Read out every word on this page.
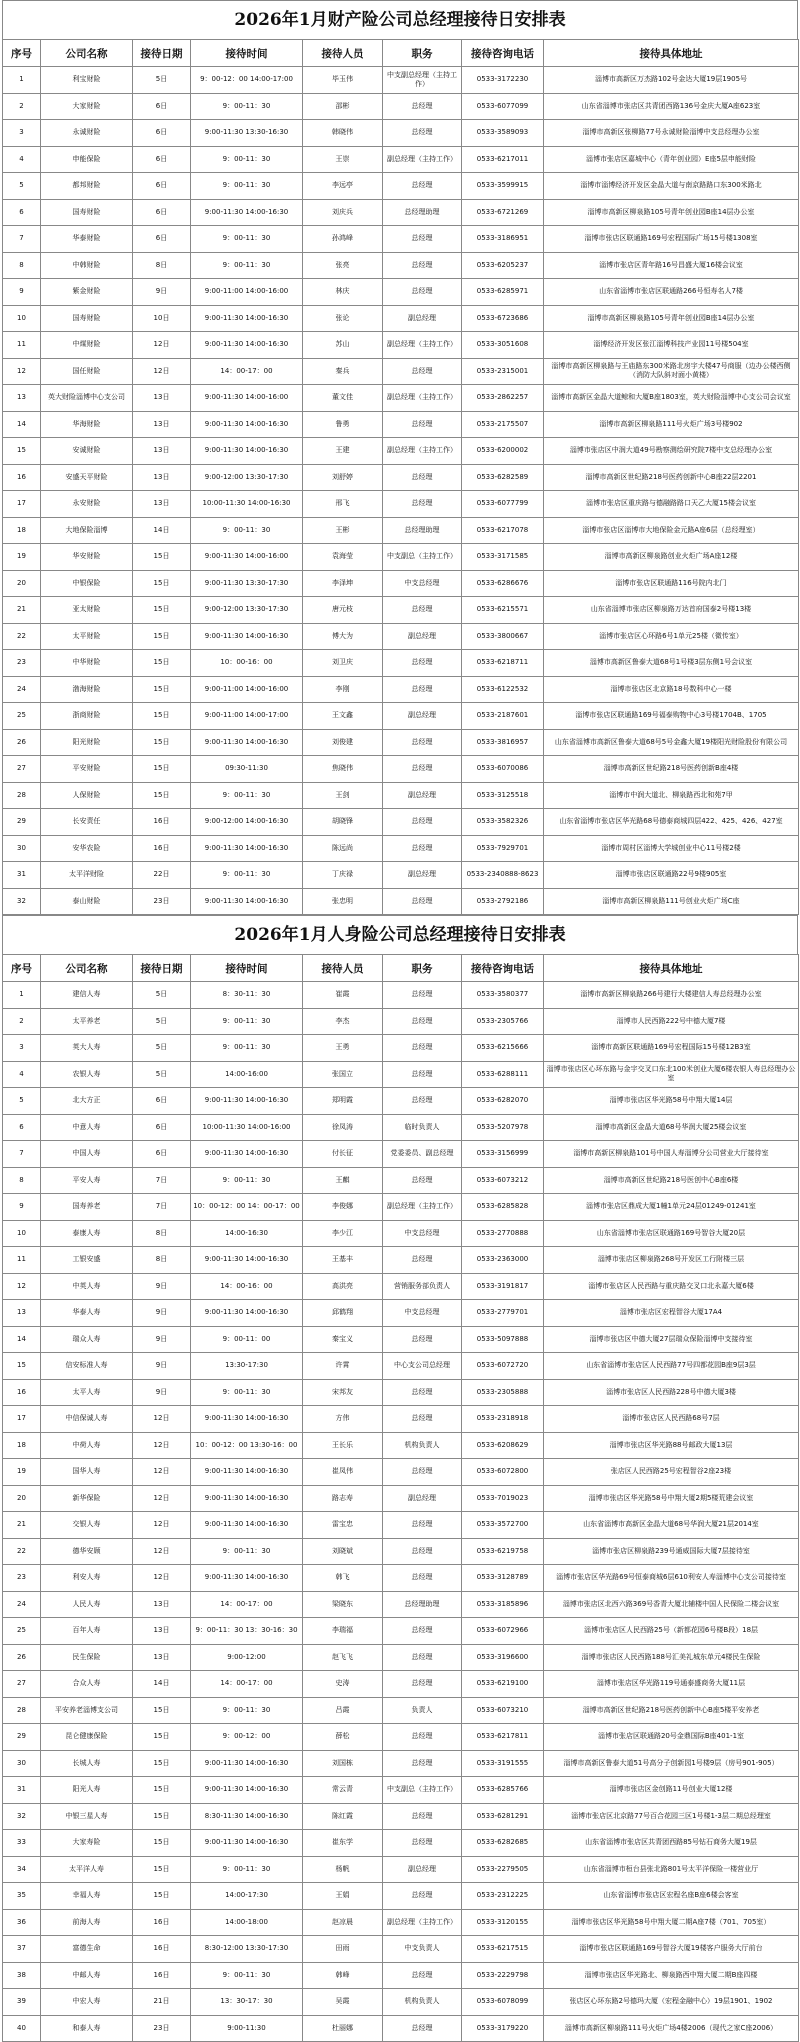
2026年1月财产险公司总经理接待日安排表
序号	公司名称	接待日期	接待时间	接待人员	职务	接待咨询电话	接待具体地址
1	利宝财险	5日	9：00-12：00 14:00-17:00	毕玉伟	中支副总经理（主持工作）	0533-3172230	淄博市高新区万杰路102号金达大厦19层1905号
2	大家财险	6日	9：00-11：30	邵彬	总经理	0533-6077099	山东省淄博市张店区共青团西路136号金庆大厦A座623室
3	永诚财险	6日	9:00-11:30 13:30-16:30	韩晓伟	总经理	0533-3589093	淄博市高新区张柳路77号永诚财险淄博中支总经理办公室
4	申能保险	6日	9：00-11：30	王崇	副总经理（主持工作）	0533-6217011	淄博市张店区嘉城中心（青年创业园）E座5层申能财险
5	都邦财险	6日	9：00-11：30	李远亭	总经理	0533-3599915	淄博市淄博经济开发区金晶大道与南京路路口东300米路北
6	国寿财险	6日	9:00-11:30 14:00-16:30	刘庆兵	总经理助理	0533-6721269	淄博市高新区柳泉路105号青年创业园B座14层办公室
7	华泰财险	6日	9：00-11：30	孙鸿峰	总经理	0533-3186951	淄博市张店区联通路169号宏程国际广场15号楼1308室
8	中韩财险	8日	9：00-11：30	张亮	总经理	0533-6205237	淄博市张店区青年路16号昌盛大厦16楼会议室
9	紫金财险	9日	9:00-11:00 14:00-16:00	林庆	总经理	0533-6285971	山东省淄博市张店区联通路266号恒寿名人7楼
10	国寿财险	10日	9:00-11:30 14:00-16:30	张论	副总经理	0533-6723686	淄博市高新区柳泉路105号青年创业园B座14层办公室
11	中煤财险	12日	9:00-11:30 14:00-16:30	苏山	副总经理（主持工作）	0533-3051608	淄博经济开发区张江淄博科技产业园11号楼504室
12	国任财险	12日	14：00-17：00	秦兵	总经理	0533-2315001	淄博市高新区柳泉路与王庙路东300米路北房宇大楼47号商服（边办公楼西侧（消防大队斜对面小黄楼）
13	英大财险淄博中心支公司	13日	9:00-11:30 14:00-16:00	董文佳	副总经理（主持工作）	0533-2862257	淄博市高新区金晶大道鲸和大厦B座1803室，英大财险淄博中心支公司会议室
14	华海财险	13日	9:00-11:30 14:00-16:30	鲁勇	总经理	0533-2175507	淄博市高新区柳泉路111号火炬广场3号楼902
15	安诚财险	13日	9:00-11:30 14:00-16:30	王建	副总经理（主持工作）	0533-6200002	淄博市张店区中润大道49号勘察测绘研究院7楼中支总经理办公室
16	安盛天平财险	13日	9:00-12:00 13:30-17:30	刘舒婷	总经理	0533-6282589	淄博市高新区世纪路218号医药创新中心B座22层2201
17	永安财险	13日	10:00-11:30 14:00-16:30	邢飞	总经理	0533-6077799	淄博市张店区重庆路与德融路路口天乙大厦15楼会议室
18	大地保险淄博	14日	9：00-11：30	王彬	总经理助理	0533-6217078	淄博市张店区淄博市大地保险金元路A座6层（总经理室）
19	华安财险	15日	9:00-11:30 14:00-16:00	袁海莹	中支副总（主持工作）	0533-3171585	淄博市高新区柳泉路创业火炬广场A座12楼
20	中银保险	15日	9:00-11:30 13:30-17:30	李泽坤	中支总经理	0533-6286676	淄博市张店区联通路116号院内北门
21	亚太财险	15日	9:00-12:00 13:30-17:30	唐元枝	总经理	0533-6215571	山东省淄博市张店区柳泉路万达首府国泰2号楼13楼
22	太平财险	15日	9:00-11:30 14:00-16:30	傅大为	副总经理	0533-3800667	淄博市张店区心环路6号1单元25楼（微传室）
23	中华财险	15日	10：00-16：00	刘卫庆	总经理	0533-6218711	淄博市高新区鲁泰大道68号1号楼3层东侧1号会议室
24	渤海财险	15日	9:00-11:00 14:00-16:00	李刚	总经理	0533-6122532	淄博市张店区北京路18号数科中心一楼
25	浙商财险	15日	9:00-11:00 14:00-17:00	王文鑫	副总经理	0533-2187601	淄博市张店区联通路169号福泰购物中心3号楼1704B、1705
26	阳光财险	15日	9:00-11:30 14:00-16:30	刘俊建	总经理	0533-3816957	山东省淄博市高新区鲁泰大道68号5号金鑫大厦19楼阳光财险股份有限公司
27	平安财险	15日	09:30-11:30	焦晓伟	总经理	0533-6070086	淄博市高新区世纪路218号医药创新B座4楼
28	人保财险	15日	9：00-11：30	王剑	副总经理	0533-3125518	淄博市中润大道北、柳泉路西北和苑7甲
29	长安责任	16日	9:00-12:00 14:00-16:30	胡晓锋	总经理	0533-3582326	山东省淄博市张店区华光路68号德泰商城四层422、425、426、427室
30	安华农险	16日	9:00-11:30 14:00-16:30	陈远尚	总经理	0533-7929701	淄博市周村区淄博大学城创业中心11号楼2楼
31	太平洋财险	22日	9：00-11：30	丁庆禄	副总经理	0533-2340888-8623	淄博市张店区联通路22号9楼905室
32	泰山财险	23日	9:00-11:30 14:00-16:30	张忠明	总经理	0533-2792186	淄博市高新区柳泉路111号创业火炬广场C座
2026年1月人身险公司总经理接待日安排表
序号	公司名称	接待日期	接待时间	接待人员	职务	接待咨询电话	接待具体地址
1	建信人寿	5日	8：30-11：30	崔霞	总经理	0533-3580377	淄博市高新区柳泉路266号建行大楼建信人寿总经理办公室
2	太平养老	5日	9：00-11：30	李杰	总经理	0533-2305766	淄博市人民西路222号中德大厦7楼
3	英大人寿	5日	9：00-11：30	王勇	总经理	0533-6215666	淄博市高新区联通路169号宏程国际15号楼12B3室
4	农银人寿	5日	14:00-16:00	张国立	总经理	0533-6288111	淄博市张店区心环东路与金宇交叉口东北100米创业大厦6楼农银人寿总经理办公室
5	北大方正	6日	9:00-11:30 14:00-16:30	郑明霞	总经理	0533-6282070	淄博市张店区华光路58号中翔大厦14层
6	中意人寿	6日	10:00-11:30 14:00-16:00	徐凤涛	临时负责人	0533-5207978	淄博市高新区金晶大道68号华润大厦25楼会议室
7	中国人寿	6日	9:00-11:30 14:00-16:30	付长征	党委委员、副总经理	0533-3156999	淄博市高新区柳泉路101号中国人寿淄博分公司营业大厅接待室
8	平安人寿	7日	9：00-11：30	王麒	总经理	0533-6073212	淄博市高新区世纪路218号医创中心B座6楼
9	国寿养老	7日	10：00-12：00 14：00-17：00	李俊娜	副总经理（主持工作）	0533-6285828	淄博市张店区鼎成大厦1幢1单元24层01249-01241室
10	泰康人寿	8日	14:00-16:30	李少江	中支总经理	0533-2770888	山东省淄博市张店区联通路169号智谷大厦20层
11	工银安盛	8日	9:00-11:30 14:00-16:30	王基丰	总经理	0533-2363000	淄博市张店区柳泉路268号开发区工行附楼三层
12	中英人寿	9日	14：00-16：00	高洪亮	营销服务部负责人	0533-3191817	淄博市张店区人民西路与重庆路交叉口北永嘉大厦6楼
13	华泰人寿	9日	9:00-11:30 14:00-16:30	邱鹤翔	中支总经理	0533-2779701	淄博市张店区宏程智谷大厦17A4
14	瑞众人寿	9日	9：00-11：00	秦宝义	总经理	0533-5097888	淄博市张店区中德大厦27层瑞众保险淄博中支接待室
15	信安标准人寿	9日	13:30-17:30	许霄	中心支公司总经理	0533-6072720	山东省淄博市张店区人民西路77号四都花园B座9层3层
16	太平人寿	9日	9：00-11：30	宋邦友	总经理	0533-2305888	淄博市张店区人民西路228号中德大厦3楼
17	中信保诚人寿	12日	9:00-11:30 14:00-16:30	方伟	总经理	0533-2318918	淄博市张店区人民西路68号7层
18	中荷人寿	12日	10：00-12：00 13:30-16：00	王长乐	机构负责人	0533-6208629	淄博市张店区华光路88号邮政大厦13层
19	国华人寿	12日	9:00-11:30 14:00-16:30	崔凤伟	总经理	0533-6072800	张店区人民西路25号宏程智谷2座23楼
20	新华保险	12日	9:00-11:30 14:00-16:30	路志寿	副总经理	0533-7019023	淄博市张店区华光路58号中翔大厦2期5楼荒建会议室
21	交银人寿	12日	9:00-11:30 14:00-16:30	雷宝忠	总经理	0533-3572700	山东省淄博市高新区金晶大道68号华润大厦21层2014室
22	德华安顾	12日	9：00-11：30	刘晓斌	总经理	0533-6219758	淄博市张店区柳泉路239号通威国际大厦7层接待室
23	利安人寿	12日	9:00-11:30 14:00-16:30	韩飞	总经理	0533-3128789	淄博市张店区华光路69号恒泰商城6层610利安人寿淄博中心支公司接待室
24	人民人寿	13日	14：00-17：00	梁晓东	总经理助理	0533-3185896	淄博市张店区北西六路369号香青大厦北辅楼中国人民保险二楼会议室
25	百年人寿	13日	9：00-11：30 13：30-16：30	李瑞福	总经理	0533-6072966	淄博市张店区人民西路25号（新都花园6号楼B段）18层
26	民生保险	13日	9:00-12:00	赵飞飞	总经理	0533-3196600	淄博市张店区人民西路188号汇美礼城东单元4楼民生保险
27	合众人寿	14日	14：00-17：00	史涛	总经理	0533-6219100	淄博市张店区华光路119号通泰盛商务大厦11层
28	平安养老淄博支公司	15日	9：00-11：30	吕霞	负责人	0533-6073210	淄博市高新区世纪路218号医药创新中心B座5楼平安养老
29	昆仑健康保险	15日	9：00-12：00	薛松	总经理	0533-6217811	淄博市张店区联通路20号金鼎国际B座401-1室
30	长城人寿	15日	9:00-11:30 14:00-16:30	刘国栋	总经理	0533-3191555	淄博市高新区鲁泰大道51号高分子创新园1号楼9层（房号901-905）
31	阳光人寿	15日	9:00-11:30 14:00-16:30	常云青	中支副总（主持工作）	0533-6285766	淄博市张店区金创路11号创业大厦12楼
32	中银三星人寿	15日	8:30-11:30 14:00-16:30	陈红霞	总经理	0533-6281291	淄博市张店区北京路77号百合花园三区1号楼1-3层二期总经理室
33	大家寿险	15日	9:00-11:30 14:00-16:30	崔东学	总经理	0533-6282685	山东省淄博市张店区共青团西路85号钻石商务大厦19层
34	太平洋人寿	15日	9：00-11：30	杨帆	副总经理	0533-2279505	山东省淄博市桓台县张北路801号太平洋保险一楼营业厅
35	幸福人寿	15日	14:00-17:30	王娟	总经理	0533-2312225	山东省淄博市张店区宏程名座B座6楼会客室
36	前海人寿	16日	14:00-18:00	赵凉晨	副总经理（主持工作）	0533-3120155	淄博市张店区华光路58号中翔大厦二期A座7楼（701、705室）
37	富德生命	16日	8:30-12:00 13:30-17:30	田雨	中支负责人	0533-6217515	淄博市张店区联通路169号智谷大厦19楼客户服务大厅前台
38	中邮人寿	16日	9：00-11：30	韩峰	总经理	0533-2229798	淄博市张店区华光路北、柳泉路西中翔大厦二期B座四楼
39	中宏人寿	21日	13：30-17：30	吴霞	机构负责人	0533-6078099	张店区心环东路2号德玛大厦（宏程金融中心）19层1901、1902
40	和泰人寿	23日	9:00-11:30	杜丽娜	总经理	0533-3179220	淄博市高新区柳泉路111号火炬广场4楼2006（现代之家C座2006）
